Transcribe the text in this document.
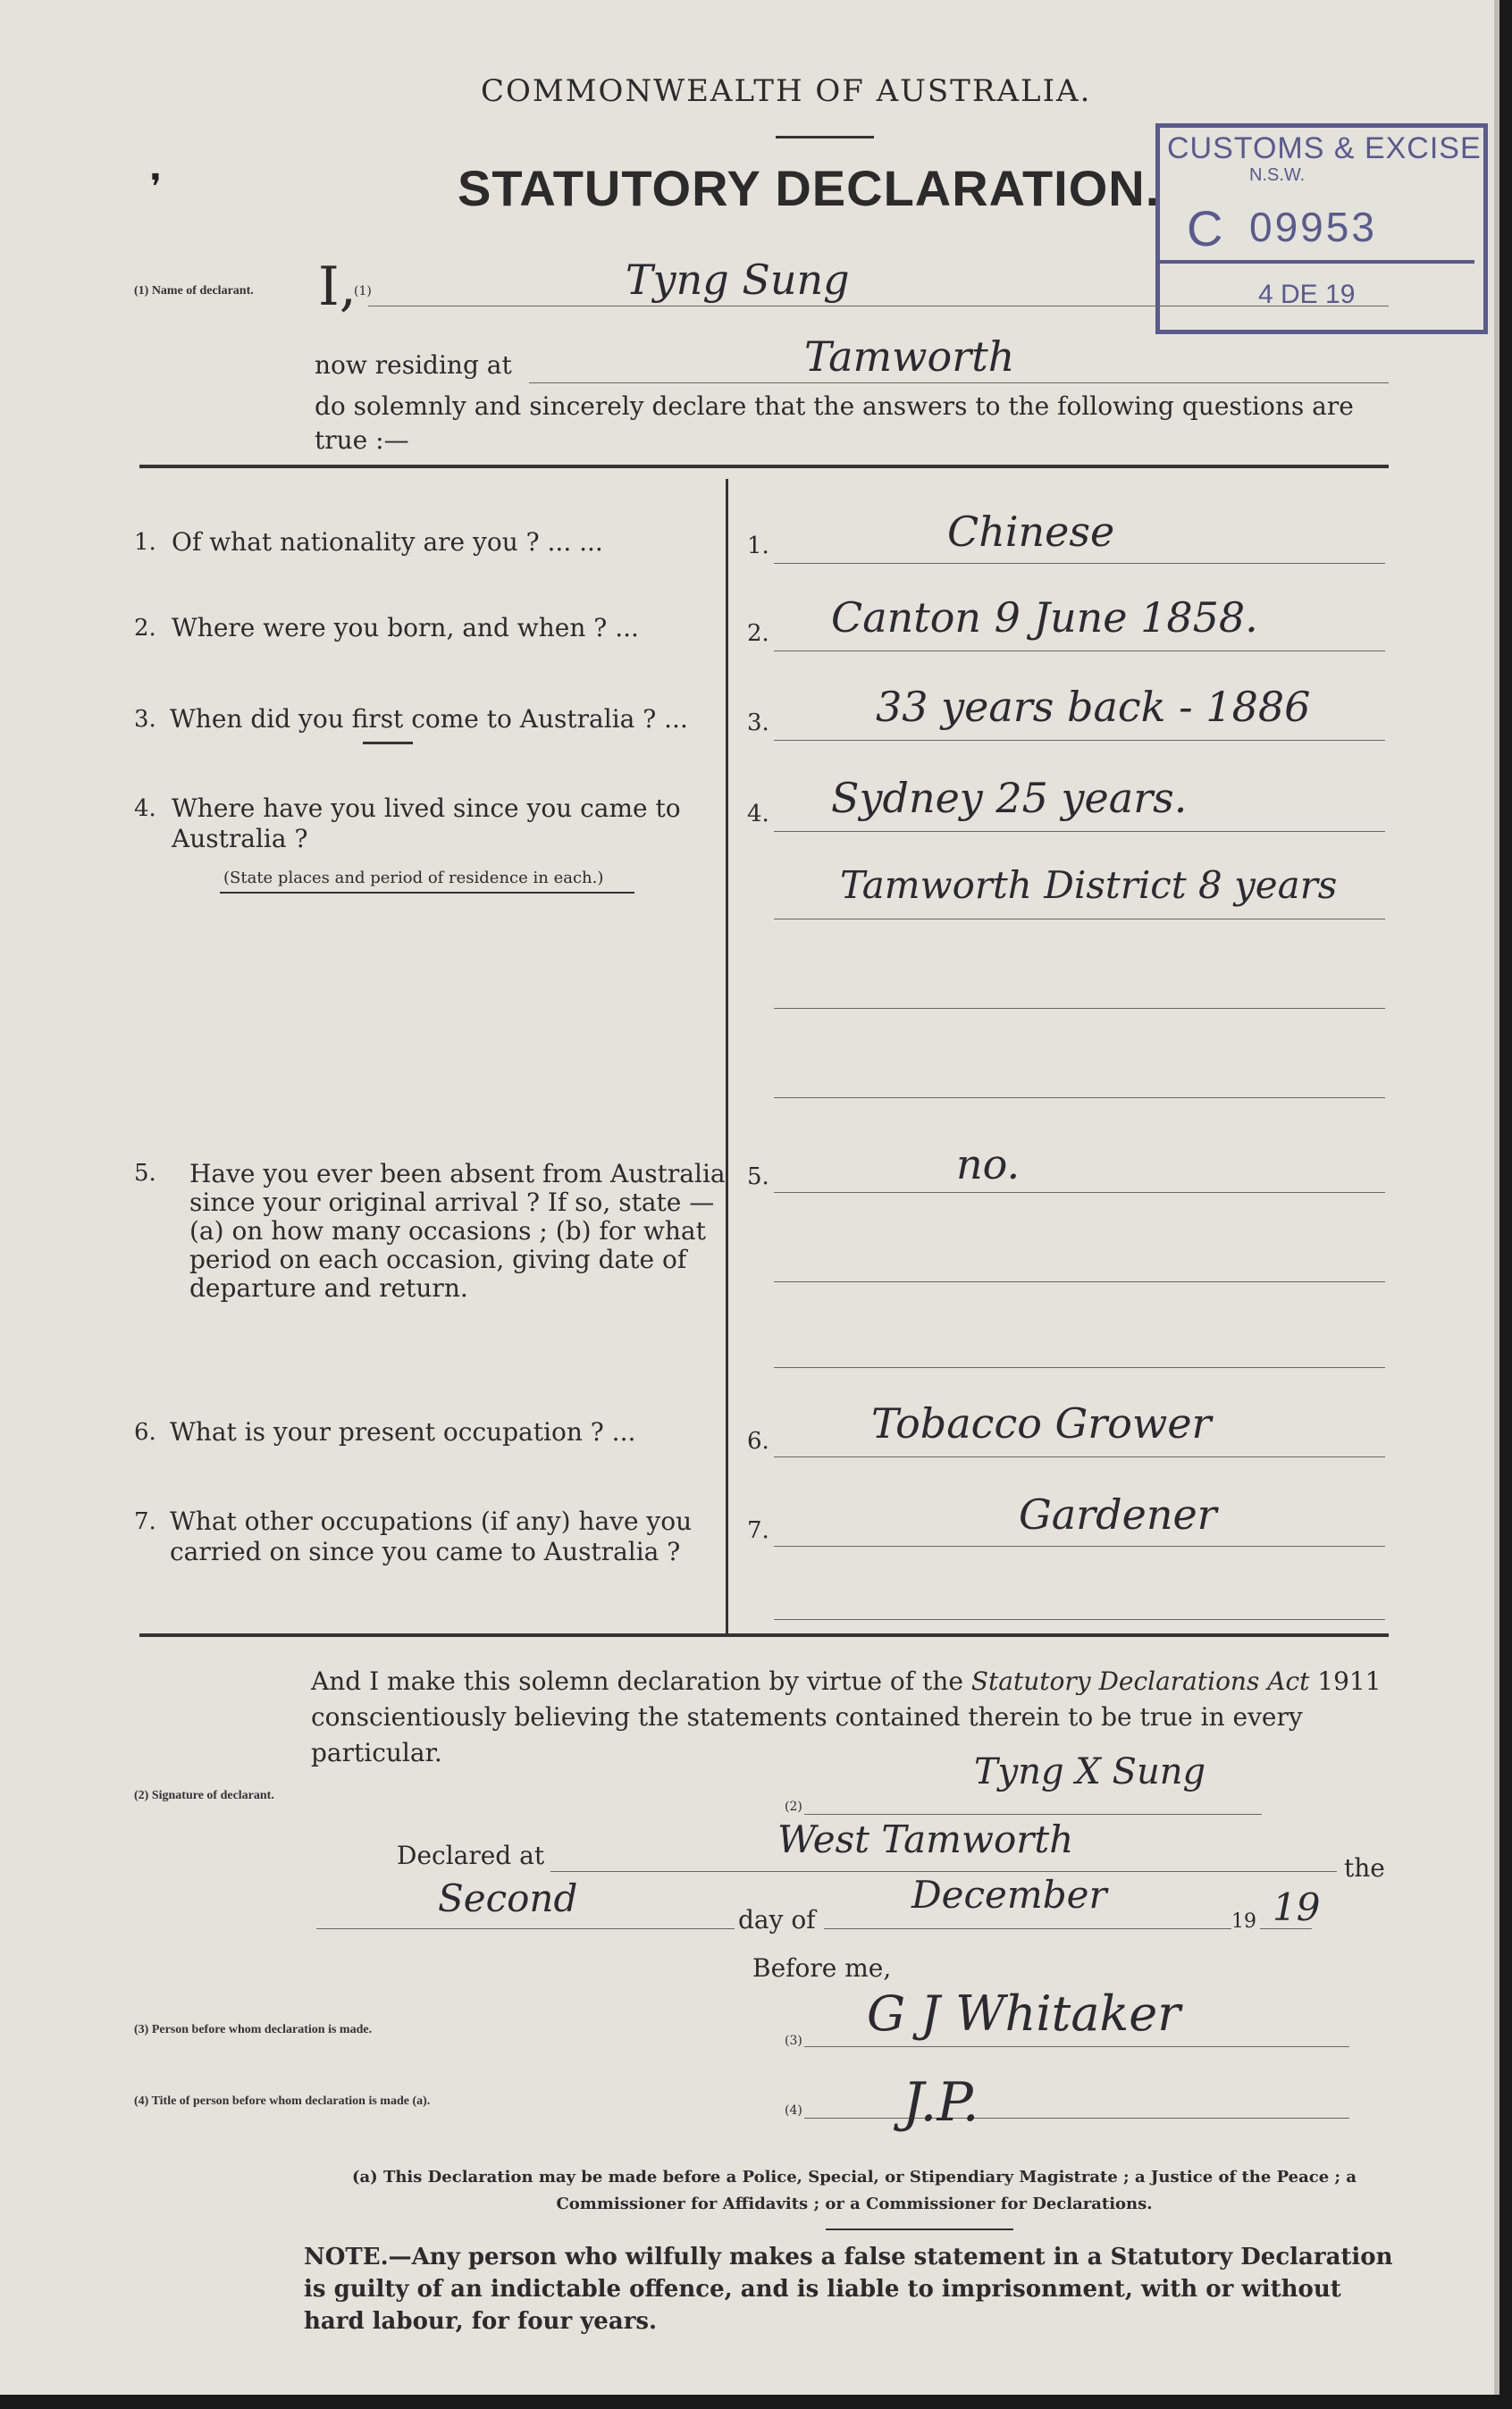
COMMONWEALTH OF AUSTRALIA.
STATUTORY DECLARATION.
❜
CUSTOMS & EXCISE
N.S.W.
C 09953
4 DE 19
(1) Name of declarant. I,
(1)	Tyng Sung
now residing at	Tamworth
do solemnly and sincerely declare that the answers to the following questions are true :—
1. Of what nationality are you ? ... ...	1.	Chinese
2. Where were you born, and when ? ...	2. Canton 9 June 1858.
3. When did you first come to Australia ? ...	3.	33 years back - 1886
4. Where have you lived since you came to Australia ?
(State places and period of residence in each.)
4. Sydney 25 years.
Tamworth District 8 years
5. Have you ever been absent from Australia since your original arrival ? If so, state —(a) on how many occasions ; (b) for what period on each occasion, giving date of departure and return.
5.	no.
6. What is your present occupation ? ...	6. Tobacco Grower
7. What other occupations (if any) have you carried on since you came to Australia ?
7.	Gardener
And I make this solemn declaration by virtue of the Statutory Declarations Act 1911 conscientiously believing the statements contained therein to be true in every particular.
(2) Signature of declarant.
(2)
Tyng X Sung
Declared at	West Tamworth
the
Second	day of
December
19 19
Before me,
(3) Person before whom declaration is made.
(3) G J Whitaker
(4) Title of person before whom declaration is made (a).
(4) J.P.
(a) This Declaration may be made before a Police, Special, or Stipendiary Magistrate ; a Justice of the Peace ; a Commissioner for Affidavits ; or a Commissioner for Declarations.
NOTE.—Any person who wilfully makes a false statement in a Statutory Declaration is guilty of an indictable offence, and is liable to imprisonment, with or without hard labour, for four years.
